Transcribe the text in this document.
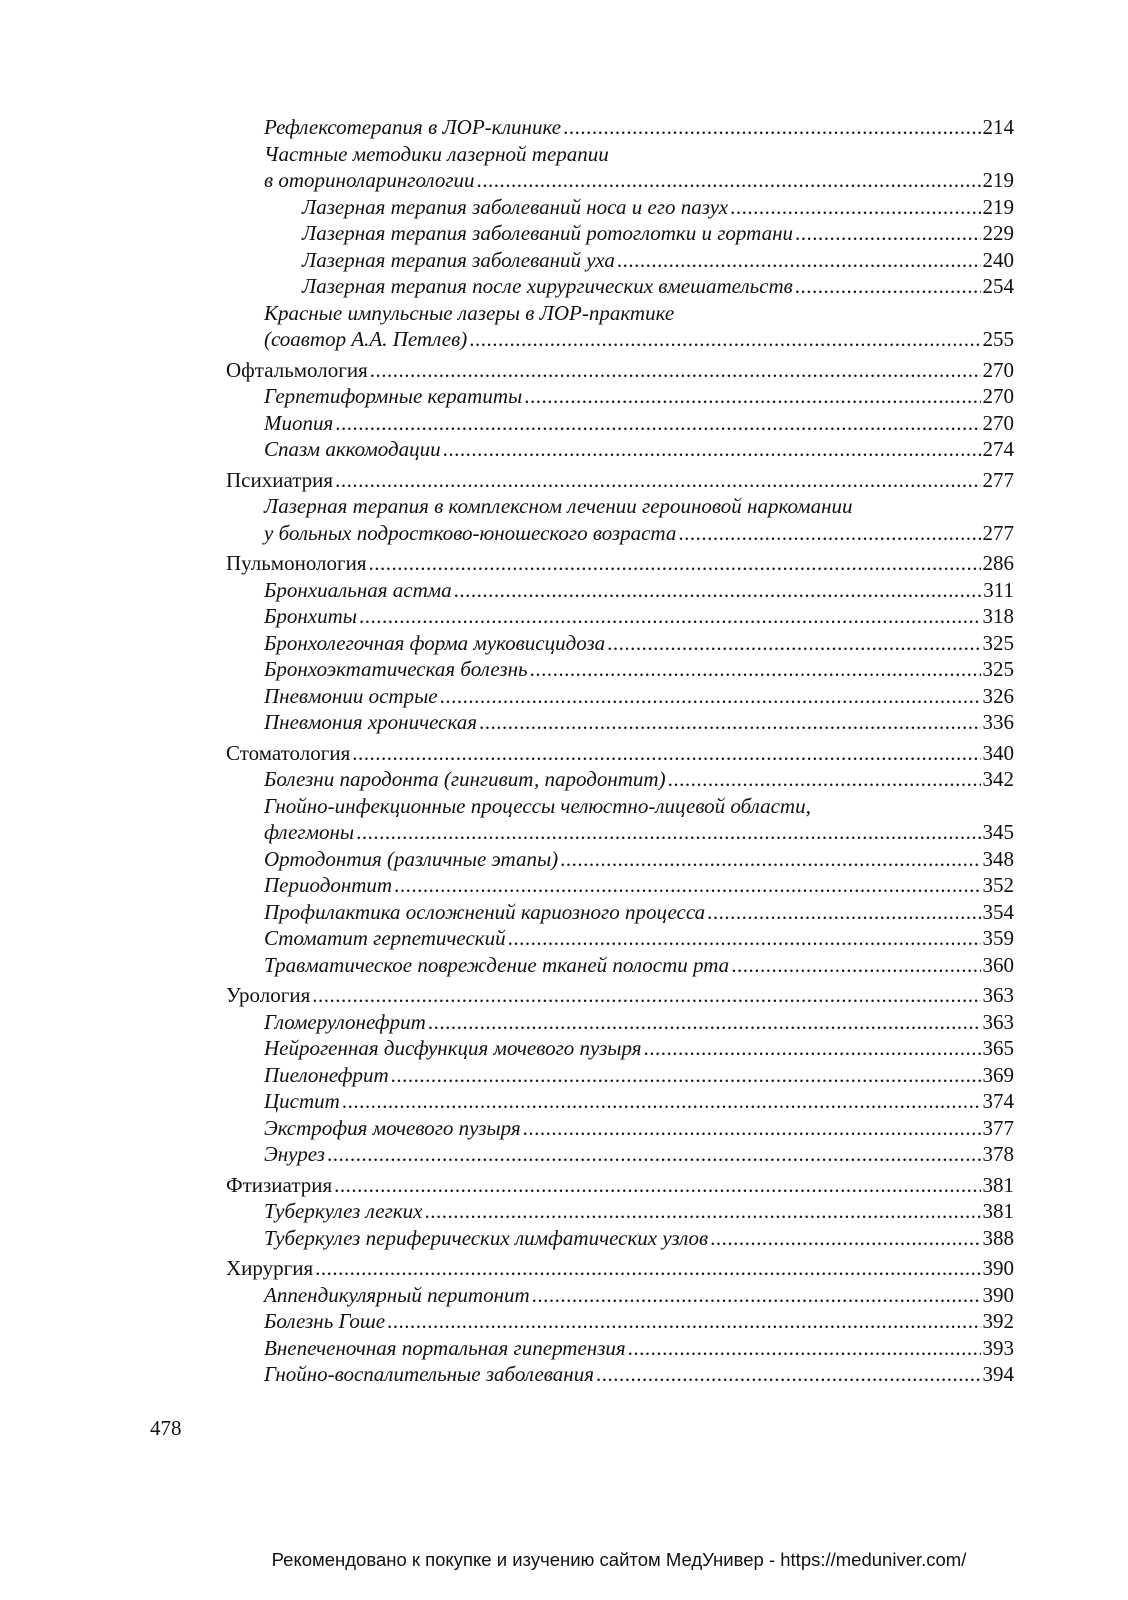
Рефлексотерапия в ЛОР-клинике .....	214
Частные методики лазерной терапии
в оториноларингологии .....	219
Лазерная терапия заболеваний носа и его пазух .....	219
Лазерная терапия заболеваний ротоглотки и гортани .....	229
Лазерная терапия заболеваний уха .....	240
Лазерная терапия после хирургических вмешательств .....	254
Красные импульсные лазеры в ЛОР-практике
(соавтор А.А. Петлев) .....	255
Офтальмология .....	270
Герпетиформные кератиты .....	270
Миопия .....	270
Спазм аккомодации .....	274
Психиатрия .....	277
Лазерная терапия в комплексном лечении героиновой наркомании
у больных подростково-юношеского возраста .....	277
Пульмонология .....	286
Бронхиальная астма .....	311
Бронхиты .....	318
Бронхолегочная форма муковисцидоза .....	325
Бронхоэктатическая болезнь .....	325
Пневмонии острые .....	326
Пневмония хроническая .....	336
Стоматология .....	340
Болезни пародонта (гингивит, пародонтит) .....	342
Гнойно-инфекционные процессы челюстно-лицевой области,
флегмоны .....	345
Ортодонтия (различные этапы) .....	348
Периодонтит .....	352
Профилактика осложнений кариозного процесса .....	354
Стоматит герпетический .....	359
Травматическое повреждение тканей полости рта .....	360
Урология .....	363
Гломерулонефрит .....	363
Нейрогенная дисфункция мочевого пузыря .....	365
Пиелонефрит .....	369
Цистит .....	374
Экстрофия мочевого пузыря .....	377
Энурез .....	378
Фтизиатрия .....	381
Туберкулез легких .....	381
Туберкулез периферических лимфатических узлов .....	388
Хирургия .....	390
Аппендикулярный перитонит .....	390
Болезнь Гоше .....	392
Внепеченочная портальная гипертензия .....	393
Гнойно-воспалительные заболевания .....	394
478
Рекомендовано к покупке и изучению сайтом МедУнивер - https://meduniver.com/
